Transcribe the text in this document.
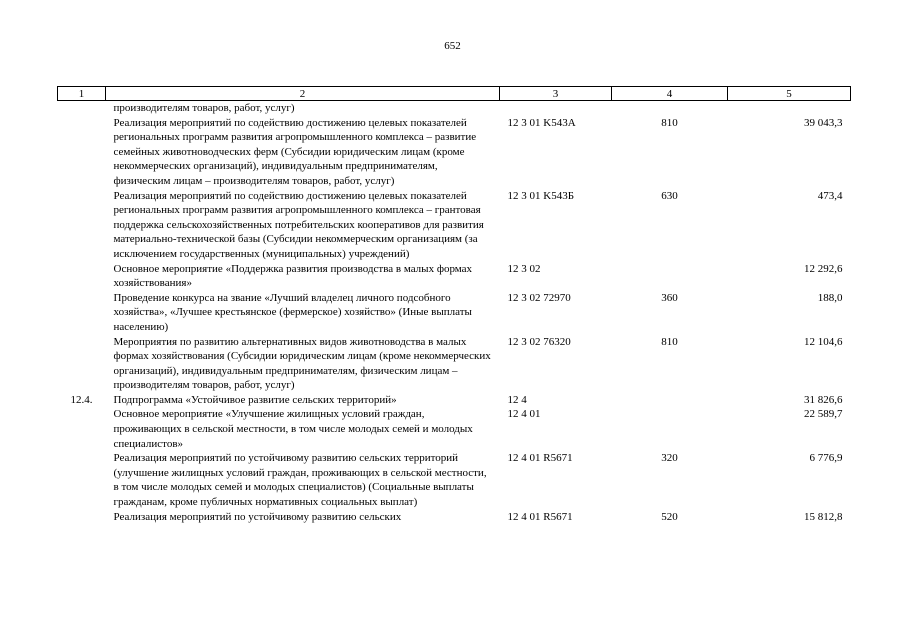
652
1	2	3	4	5
	производителям товаров, работ, услуг)			
	Реализация мероприятий по содействию достижению целевых показателей региональных программ развития агропромышленного комплекса – развитие семейных животноводческих ферм (Субсидии юридическим лицам (кроме некоммерческих организаций), индивидуальным предпринимателям, физическим лицам – производителям товаров, работ, услуг)	12 3 01 K543А	810	39 043,3
	Реализация мероприятий по содействию достижению целевых показателей региональных программ развития агропромышленного комплекса – грантовая поддержка сельскохозяйственных потребительских кооперативов для развития материально-технической базы (Субсидии некоммерческим организациям (за исключением государственных (муниципальных) учреждений)	12 3 01 K543Б	630	473,4
	Основное мероприятие «Поддержка развития производства в малых формах хозяйствования»	12 3 02		12 292,6
	Проведение конкурса на звание «Лучший владелец личного подсобного хозяйства», «Лучшее крестьянское (фермерское) хозяйство» (Иные выплаты населению)	12 3 02 72970	360	188,0
	Мероприятия по развитию альтернативных видов животноводства в малых формах хозяйствования (Субсидии юридическим лицам (кроме некоммерческих организаций), индивидуальным предпринимателям, физическим лицам – производителям товаров, работ, услуг)	12 3 02 76320	810	12 104,6
12.4.	Подпрограмма «Устойчивое развитие сельских территорий»	12 4		31 826,6
	Основное мероприятие «Улучшение жилищных условий граждан, проживающих в сельской местности, в том числе молодых семей и молодых специалистов»	12 4 01		22 589,7
	Реализация мероприятий по устойчивому развитию сельских территорий (улучшение жилищных условий граждан, проживающих в сельской местности, в том числе молодых семей и молодых специалистов) (Социальные выплаты гражданам, кроме публичных нормативных социальных выплат)	12 4 01 R5671	320	6 776,9
	Реализация мероприятий по устойчивому развитию сельских	12 4 01 R5671	520	15 812,8
